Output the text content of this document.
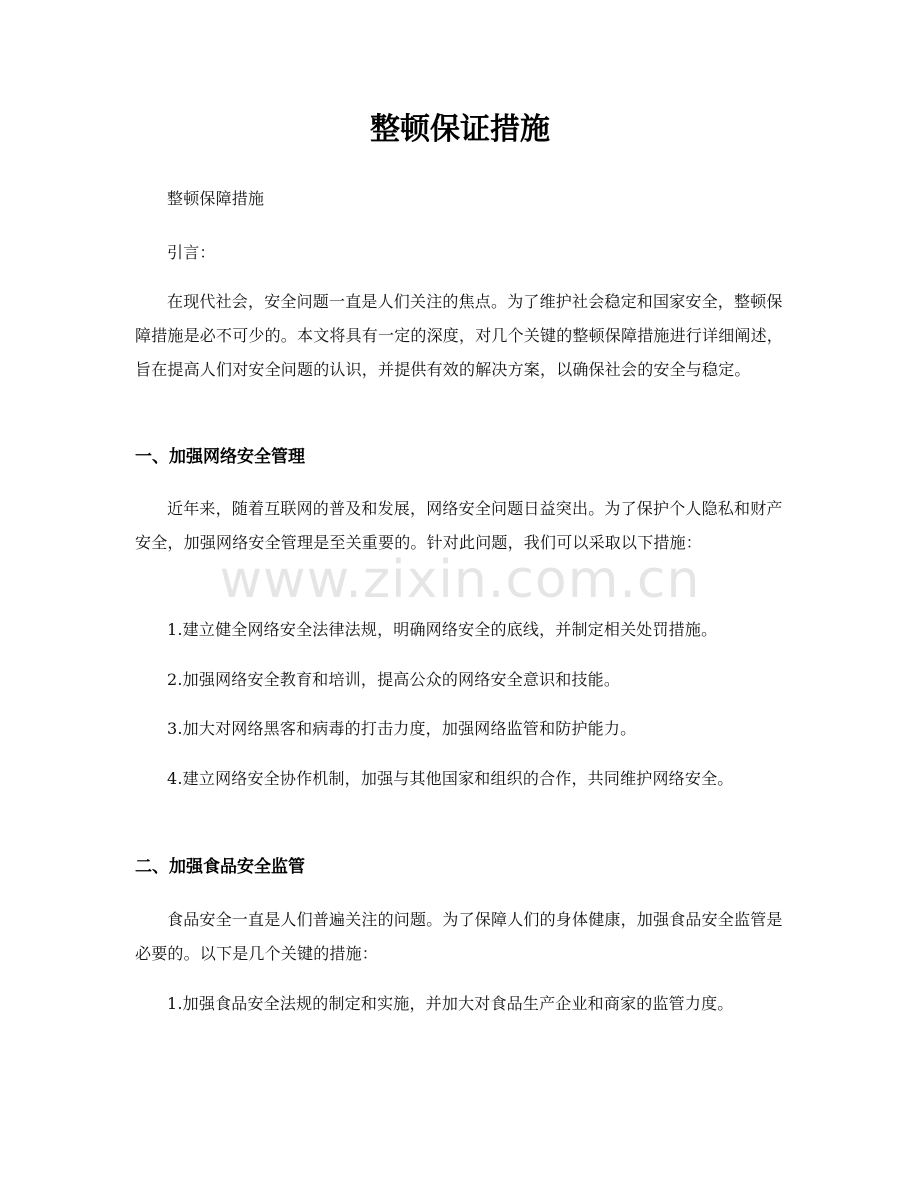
整顿保证措施

整顿保障措施

引言：

在现代社会，安全问题一直是人们关注的焦点。为了维护社会稳定和国家安全，整顿保障措施是必不可少的。本文将具有一定的深度，对几个关键的整顿保障措施进行详细阐述，旨在提高人们对安全问题的认识，并提供有效的解决方案，以确保社会的安全与稳定。

一、加强网络安全管理

近年来，随着互联网的普及和发展，网络安全问题日益突出。为了保护个人隐私和财产安全，加强网络安全管理是至关重要的。针对此问题，我们可以采取以下措施：

1.建立健全网络安全法律法规，明确网络安全的底线，并制定相关处罚措施。

2.加强网络安全教育和培训，提高公众的网络安全意识和技能。

3.加大对网络黑客和病毒的打击力度，加强网络监管和防护能力。

4.建立网络安全协作机制，加强与其他国家和组织的合作，共同维护网络安全。

二、加强食品安全监管

食品安全一直是人们普遍关注的问题。为了保障人们的身体健康，加强食品安全监管是必要的。以下是几个关键的措施：

1.加强食品安全法规的制定和实施，并加大对食品生产企业和商家的监管力度。

www.zixin.com.cn
